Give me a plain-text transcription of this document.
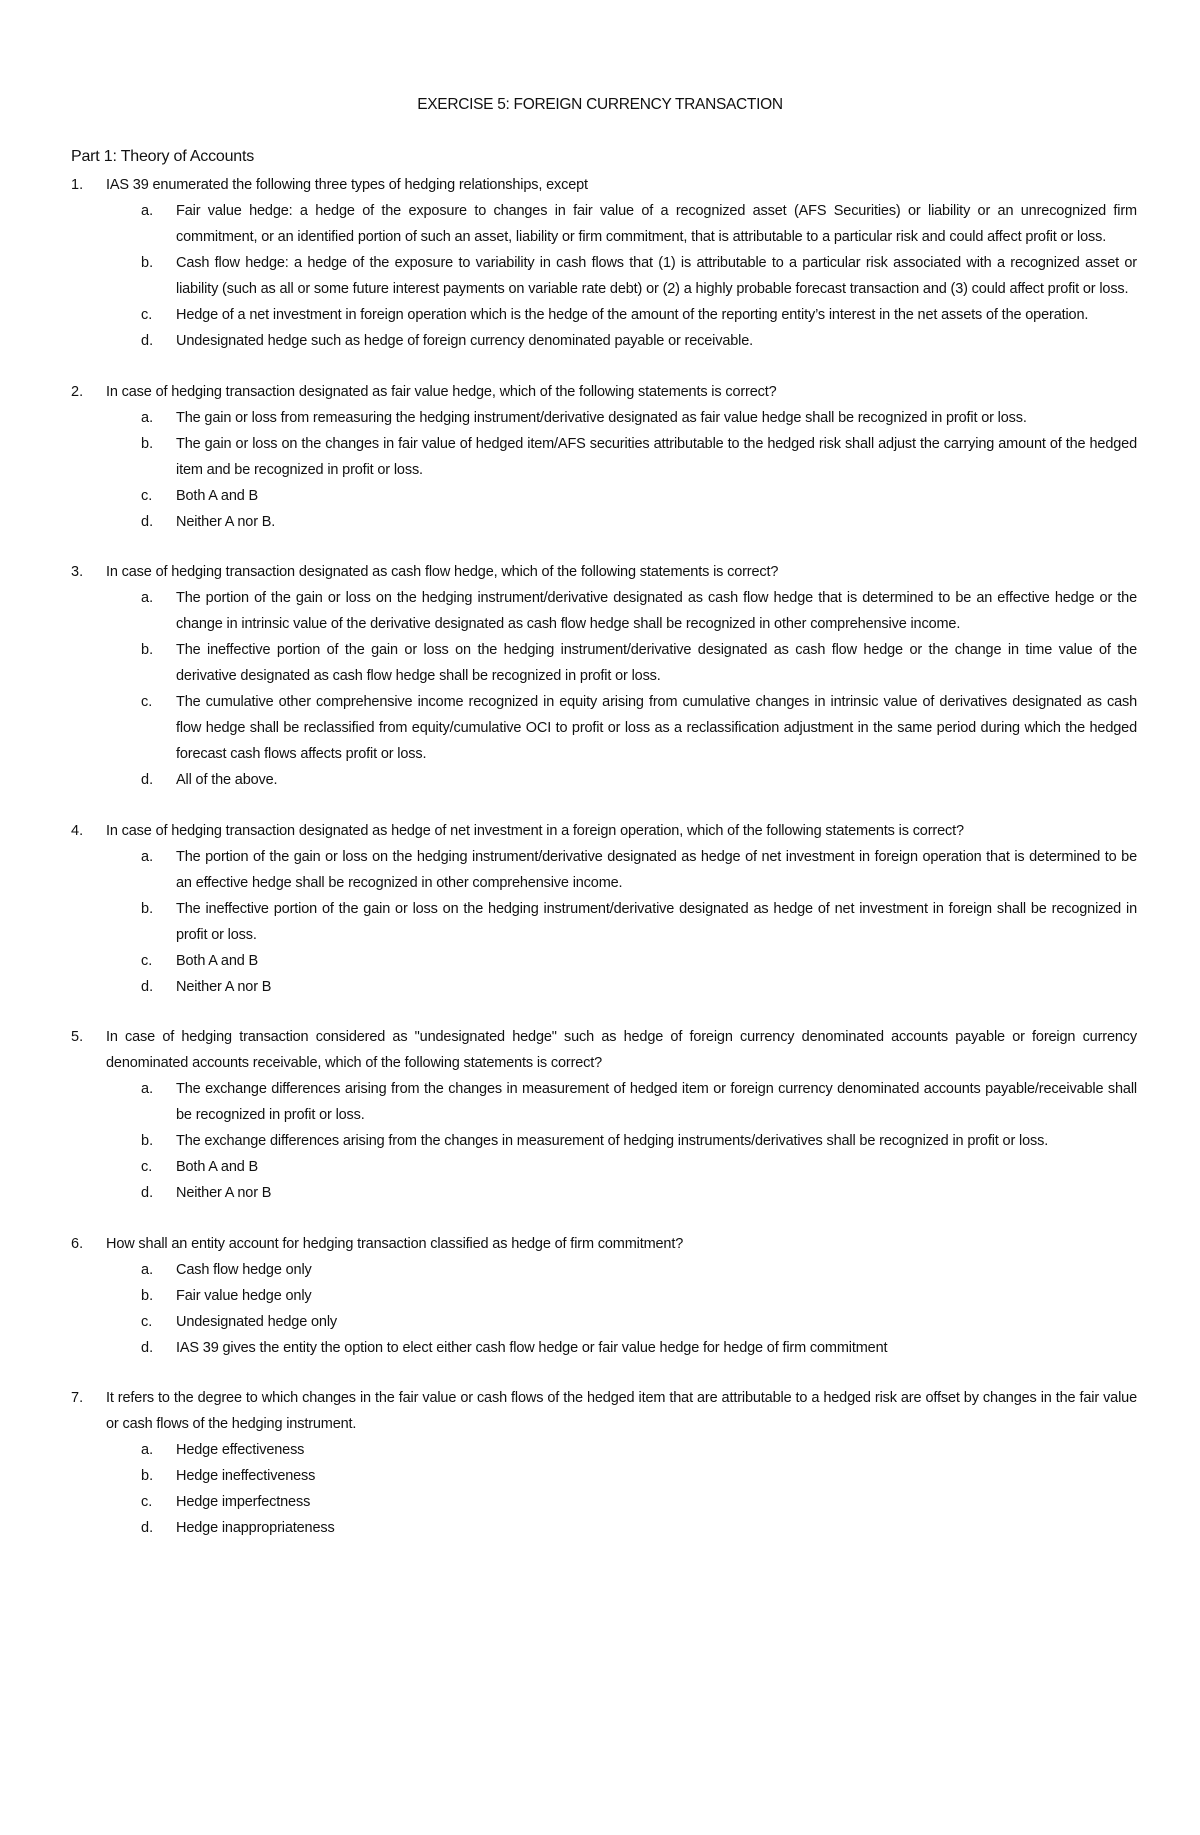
EXERCISE 5: FOREIGN CURRENCY TRANSACTION
Part 1: Theory of Accounts
1.	IAS 39 enumerated the following three types of hedging relationships, except
a.	Fair value hedge: a hedge of the exposure to changes in fair value of a recognized asset (AFS Securities) or liability or an unrecognized firm commitment, or an identified portion of such an asset, liability or firm commitment, that is attributable to a particular risk and could affect profit or loss.
b.	Cash flow hedge: a hedge of the exposure to variability in cash flows that (1) is attributable to a particular risk associated with a recognized asset or liability (such as all or some future interest payments on variable rate debt) or (2) a highly probable forecast transaction and (3) could affect profit or loss.
c.	Hedge of a net investment in foreign operation which is the hedge of the amount of the reporting entity’s interest in the net assets of the operation.
d.	Undesignated hedge such as hedge of foreign currency denominated payable or receivable.
2.	In case of hedging transaction designated as fair value hedge, which of the following statements is correct?
a.	The gain or loss from remeasuring the hedging instrument/derivative designated as fair value hedge shall be recognized in profit or loss.
b.	The gain or loss on the changes in fair value of hedged item/AFS securities attributable to the hedged risk shall adjust the carrying amount of the hedged item and be recognized in profit or loss.
c.	Both A and B
d.	Neither A nor B.
3.	In case of hedging transaction designated as cash flow hedge, which of the following statements is correct?
a.	The portion of the gain or loss on the hedging instrument/derivative designated as cash flow hedge that is determined to be an effective hedge or the change in intrinsic value of the derivative designated as cash flow hedge shall be recognized in other comprehensive income.
b.	The ineffective portion of the gain or loss on the hedging instrument/derivative designated as cash flow hedge or the change in time value of the derivative designated as cash flow hedge shall be recognized in profit or loss.
c.	The cumulative other comprehensive income recognized in equity arising from cumulative changes in intrinsic value of derivatives designated as cash flow hedge shall be reclassified from equity/cumulative OCI to profit or loss as a reclassification adjustment in the same period during which the hedged forecast cash flows affects profit or loss.
d.	All of the above.
4.	In case of hedging transaction designated as hedge of net investment in a foreign operation, which of the following statements is correct?
a.	The portion of the gain or loss on the hedging instrument/derivative designated as hedge of net investment in foreign operation that is determined to be an effective hedge shall be recognized in other comprehensive income.
b.	The ineffective portion of the gain or loss on the hedging instrument/derivative designated as hedge of net investment in foreign shall be recognized in profit or loss.
c.	Both A and B
d.	Neither A nor B
5.	In case of hedging transaction considered as "undesignated hedge" such as hedge of foreign currency denominated accounts payable or foreign currency denominated accounts receivable, which of the following statements is correct?
a.	The exchange differences arising from the changes in measurement of hedged item or foreign currency denominated accounts payable/receivable shall be recognized in profit or loss.
b.	The exchange differences arising from the changes in measurement of hedging instruments/derivatives shall be recognized in profit or loss.
c.	Both A and B
d.	Neither A nor B
6.	How shall an entity account for hedging transaction classified as hedge of firm commitment?
a.	Cash flow hedge only
b.	Fair value hedge only
c.	Undesignated hedge only
d.	IAS 39 gives the entity the option to elect either cash flow hedge or fair value hedge for hedge of firm commitment
7.	It refers to the degree to which changes in the fair value or cash flows of the hedged item that are attributable to a hedged risk are offset by changes in the fair value or cash flows of the hedging instrument.
a.	Hedge effectiveness
b.	Hedge ineffectiveness
c.	Hedge imperfectness
d.	Hedge inappropriateness
